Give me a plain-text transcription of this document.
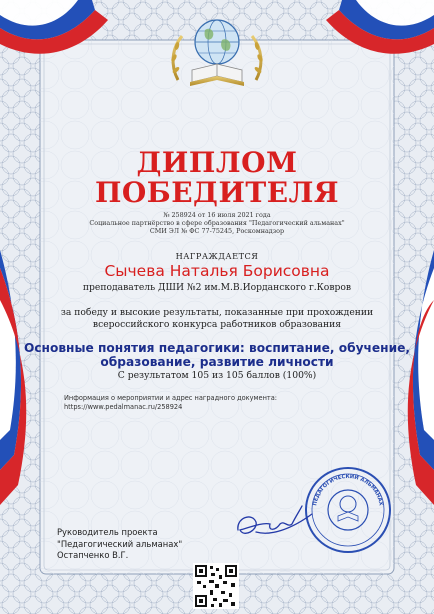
ПЕДАГОГИЧЕСКИЙ АЛЬМАНАХ
ДИПЛОМ
ПОБЕДИТЕЛЯ
№ 258924 от 16 июля 2021 года
Социальное партнёрство в сфере образования "Педагогический альманах"
СМИ ЭЛ № ФС 77-75245, Роскомнадзор
НАГРАЖДАЕТСЯ
Сычева Наталья Борисовна
преподаватель ДШИ №2 им.М.В.Иорданского г.Ковров
за победу и высокие результаты, показанные при прохождении
всероссийского конкурса работников образования
Основные понятия педагогики: воспитание, обучение,
образование, развитие личности
С результатом 105 из 105 баллов (100%)
Информация о мероприятии и адрес наградного документа:
https://www.pedalmanac.ru/258924
Руководитель проекта
"Педагогический альманах"
Остапченко В.Г.
